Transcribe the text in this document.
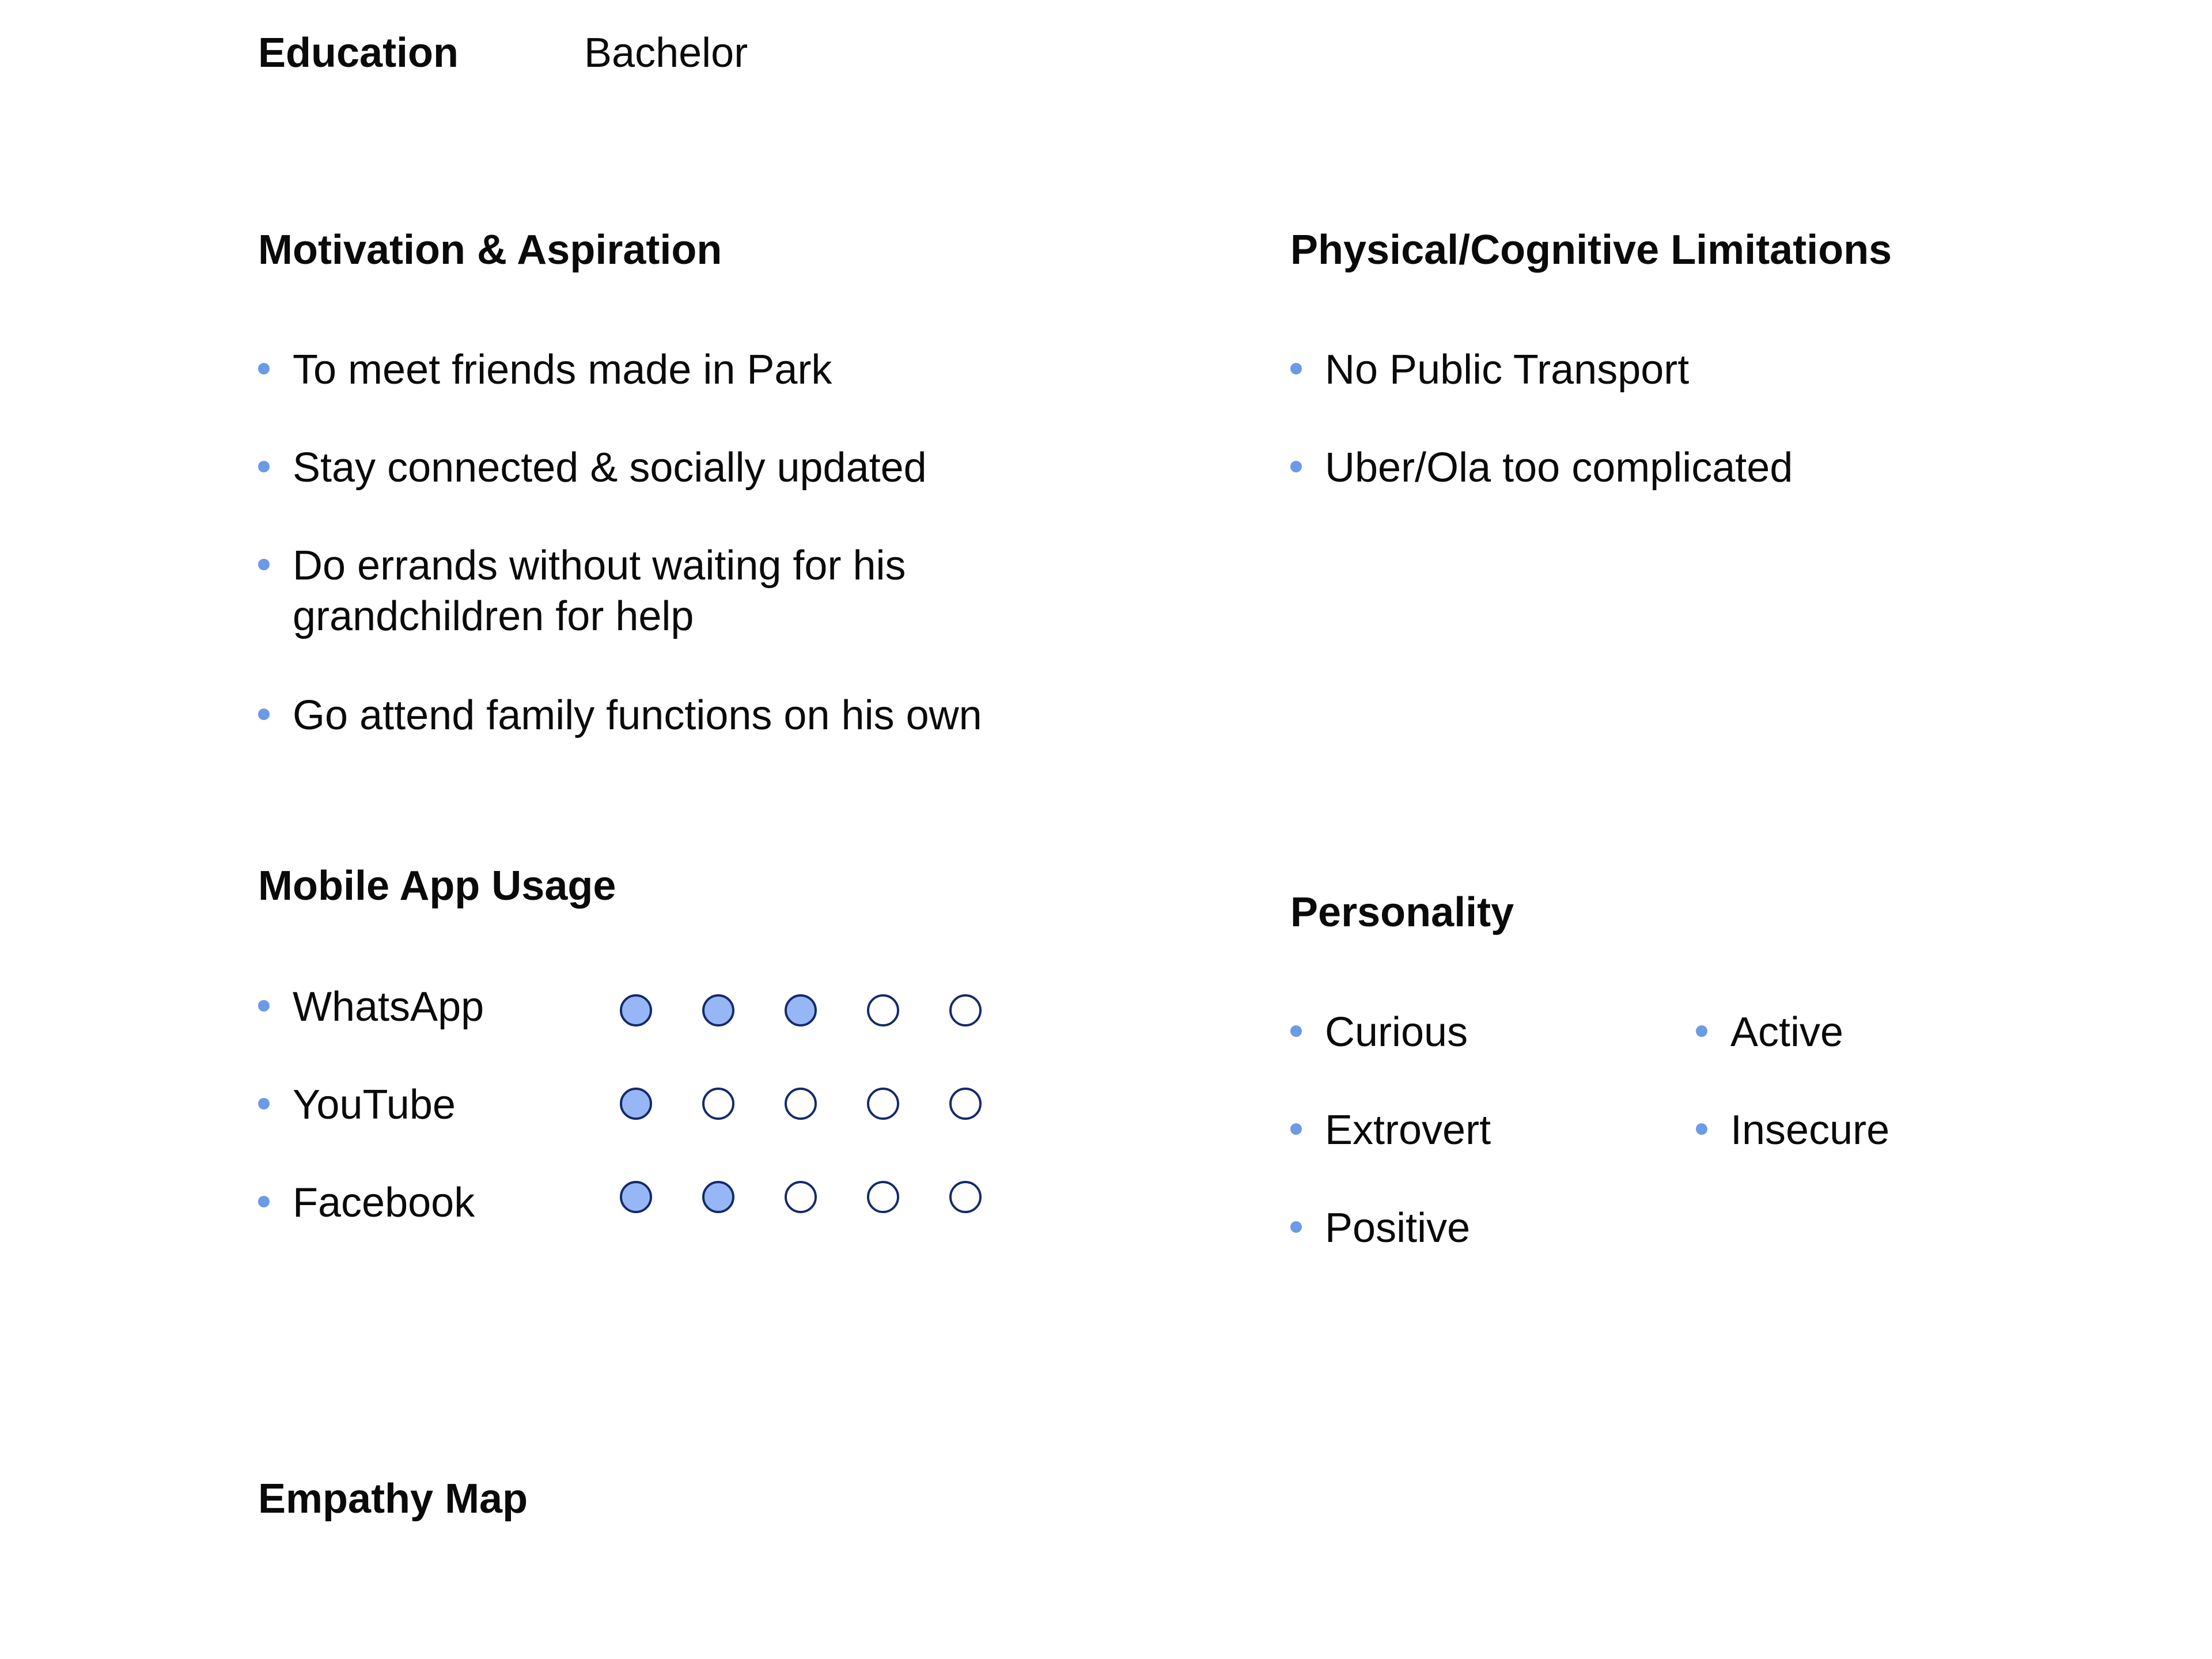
Education	Bachelor
Motivation & Aspiration
To meet friends made in Park
Stay connected & socially updated
Do errands without waiting for his
grandchildren for help
Go attend family functions on his own
Physical/Cognitive Limitations
No Public Transport
Uber/Ola too complicated
Mobile App Usage
WhatsApp
YouTube
Facebook
Personality
Curious
Extrovert
Positive
Active
Insecure
Empathy Map
